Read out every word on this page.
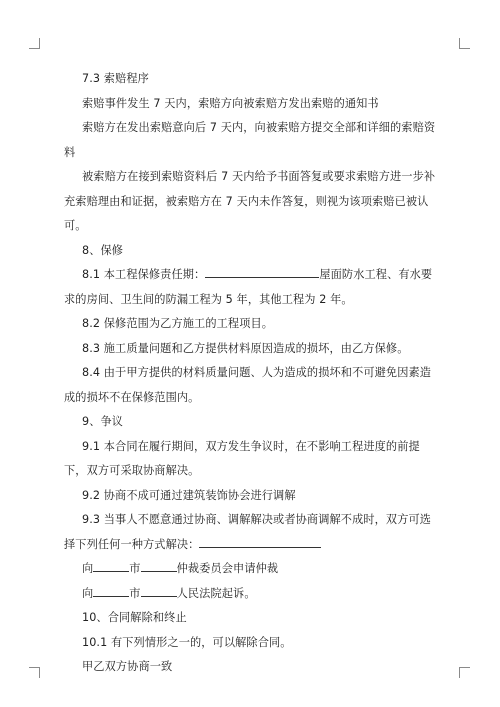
7.3 索赔程序

索赔事件发生 7 天内，索赔方向被索赔方发出索赔的通知书

索赔方在发出索赔意向后 7 天内，向被索赔方提交全部和详细的索赔资料

被索赔方在接到索赔资料后 7 天内给予书面答复或要求索赔方进一步补充索赔理由和证据，被索赔方在 7 天内未作答复，则视为该项索赔已被认可。

8、保修

8.1 本工程保修责任期：	屋面防水工程、有水要求的房间、卫生间的防漏工程为 5 年，其他工程为 2 年。

8.2 保修范围为乙方施工的工程项目。

8.3 施工质量问题和乙方提供材料原因造成的损坏，由乙方保修。

8.4 由于甲方提供的材料质量问题、人为造成的损坏和不可避免因素造成的损坏不在保修范围内。

9、争议

9.1 本合同在履行期间，双方发生争议时，在不影响工程进度的前提下，双方可采取协商解决。

9.2 协商不成可通过建筑装饰协会进行调解

9.3 当事人不愿意通过协商、调解解决或者协商调解不成时，双方可选择下列任何一种方式解决：

向	市	仲裁委员会申请仲裁

向	市	人民法院起诉。

10、合同解除和终止

10.1 有下列情形之一的，可以解除合同。

甲乙双方协商一致
